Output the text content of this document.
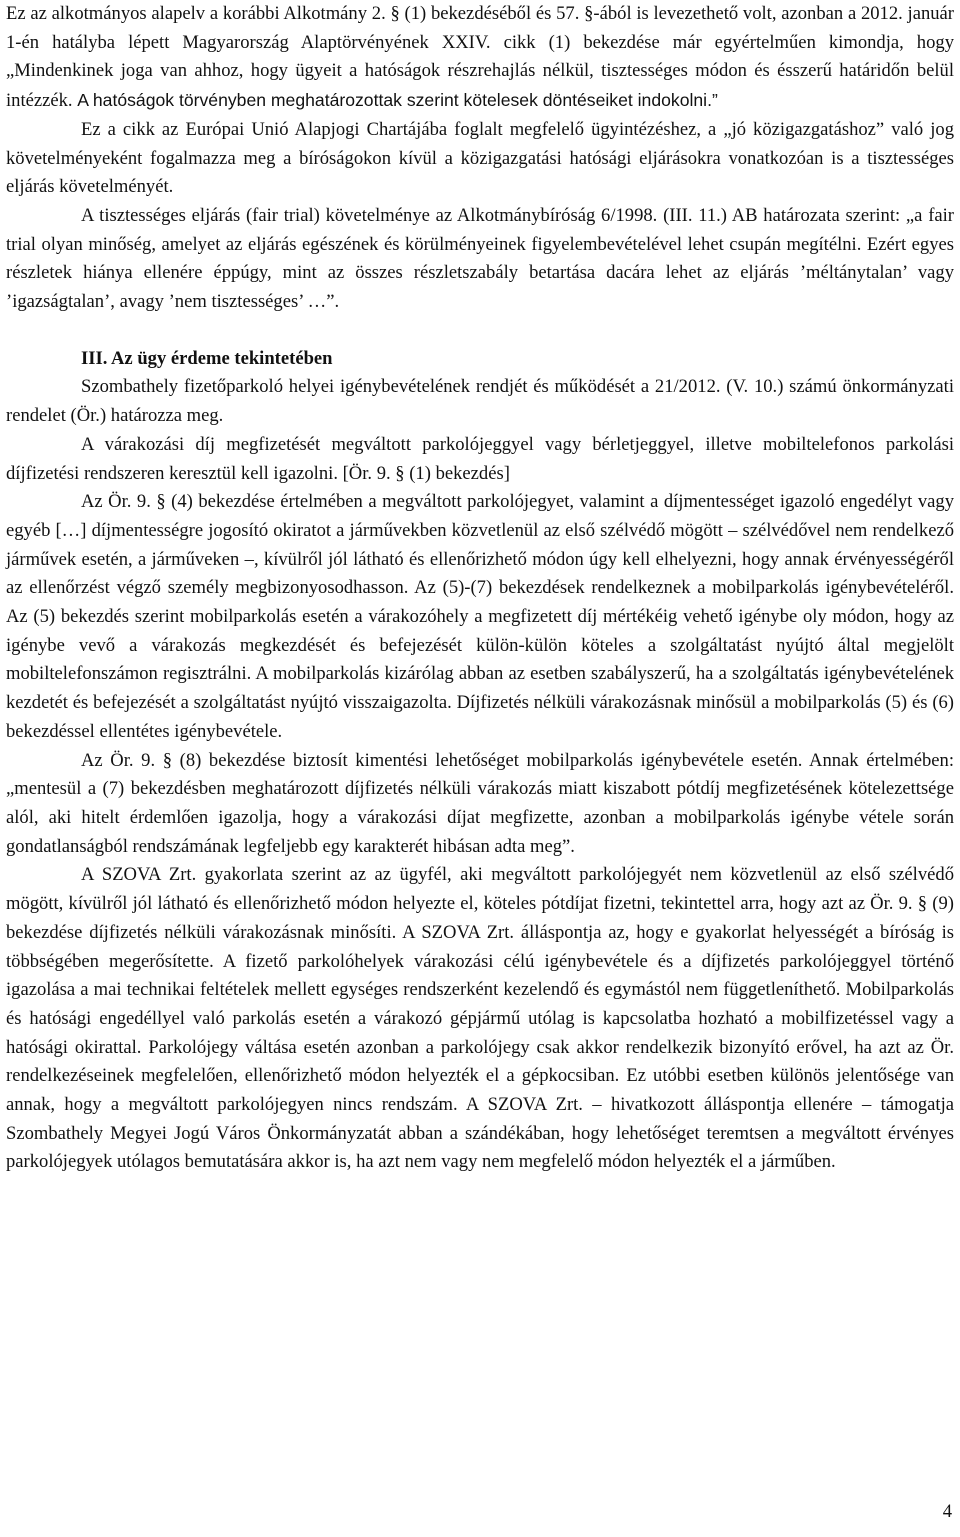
Ez az alkotmányos alapelv a korábbi Alkotmány 2. § (1) bekezdéséből és 57. §-ából is levezethető volt, azonban a 2012. január 1-én hatályba lépett Magyarország Alaptörvényének XXIV. cikk (1) bekezdése már egyértelműen kimondja, hogy „Mindenkinek joga van ahhoz, hogy ügyeit a hatóságok részrehajlás nélkül, tisztességes módon és ésszerű határidőn belül intézzék. A hatóságok törvényben meghatározottak szerint kötelesek döntéseiket indokolni.”

Ez a cikk az Európai Unió Alapjogi Chartájába foglalt megfelelő ügyintézéshez, a „jó közigazgatáshoz” való jog követelményeként fogalmazza meg a bíróságokon kívül a közigazgatási hatósági eljárásokra vonatkozóan is a tisztességes eljárás követelményét.

A tisztességes eljárás (fair trial) követelménye az Alkotmánybíróság 6/1998. (III. 11.) AB határozata szerint: „a fair trial olyan minőség, amelyet az eljárás egészének és körülményeinek figyelembevételével lehet csupán megítélni. Ezért egyes részletek hiánya ellenére éppúgy, mint az összes részletszabály betartása dacára lehet az eljárás ’méltánytalan’ vagy ’igazságtalan’, avagy ’nem tisztességes’ …”.

III. Az ügy érdeme tekintetében

Szombathely fizetőparkoló helyei igénybevételének rendjét és működését a 21/2012. (V. 10.) számú önkormányzati rendelet (Ör.) határozza meg.

A várakozási díj megfizetését megváltott parkolójeggyel vagy bérletjeggyel, illetve mobiltelefonos parkolási díjfizetési rendszeren keresztül kell igazolni. [Ör. 9. § (1) bekezdés]

Az Ör. 9. § (4) bekezdése értelmében a megváltott parkolójegyet, valamint a díjmentességet igazoló engedélyt vagy egyéb […] díjmentességre jogosító okiratot a járművekben közvetlenül az első szélvédő mögött – szélvédővel nem rendelkező járművek esetén, a járműveken –, kívülről jól látható és ellenőrizhető módon úgy kell elhelyezni, hogy annak érvényességéről az ellenőrzést végző személy megbizonyosodhasson. Az (5)-(7) bekezdések rendelkeznek a mobilparkolás igénybevételéről. Az (5) bekezdés szerint mobilparkolás esetén a várakozóhely a megfizetett díj mértékéig vehető igénybe oly módon, hogy az igénybe vevő a várakozás megkezdését és befejezését külön-külön köteles a szolgáltatást nyújtó által megjelölt mobiltelefonszámon regisztrálni. A mobilparkolás kizárólag abban az esetben szabályszerű, ha a szolgáltatás igénybevételének kezdetét és befejezését a szolgáltatást nyújtó visszaigazolta. Díjfizetés nélküli várakozásnak minősül a mobilparkolás (5) és (6) bekezdéssel ellentétes igénybevétele.

Az Ör. 9. § (8) bekezdése biztosít kimentési lehetőséget mobilparkolás igénybevétele esetén. Annak értelmében: „mentesül a (7) bekezdésben meghatározott díjfizetés nélküli várakozás miatt kiszabott pótdíj megfizetésének kötelezettsége alól, aki hitelt érdemlően igazolja, hogy a várakozási díjat megfizette, azonban a mobilparkolás igénybe vétele során gondatlanságból rendszámának legfeljebb egy karakterét hibásan adta meg”.

A SZOVA Zrt. gyakorlata szerint az az ügyfél, aki megváltott parkolójegyét nem közvetlenül az első szélvédő mögött, kívülről jól látható és ellenőrizhető módon helyezte el, köteles pótdíjat fizetni, tekintettel arra, hogy azt az Ör. 9. § (9) bekezdése díjfizetés nélküli várakozásnak minősíti. A SZOVA Zrt. álláspontja az, hogy e gyakorlat helyességét a bíróság is többségében megerősítette. A fizető parkolóhelyek várakozási célú igénybevétele és a díjfizetés parkolójeggyel történő igazolása a mai technikai feltételek mellett egységes rendszerként kezelendő és egymástól nem függetleníthető. Mobilparkolás és hatósági engedéllyel való parkolás esetén a várakozó gépjármű utólag is kapcsolatba hozható a mobilfizetéssel vagy a hatósági okirattal. Parkolójegy váltása esetén azonban a parkolójegy csak akkor rendelkezik bizonyító erővel, ha azt az Ör. rendelkezéseinek megfelelően, ellenőrizhető módon helyezték el a gépkocsiban. Ez utóbbi esetben különös jelentősége van annak, hogy a megváltott parkolójegyen nincs rendszám. A SZOVA Zrt. – hivatkozott álláspontja ellenére – támogatja Szombathely Megyei Jogú Város Önkormányzatát abban a szándékában, hogy lehetőséget teremtsen a megváltott érvényes parkolójegyek utólagos bemutatására akkor is, ha azt nem vagy nem megfelelő módon helyezték el a járműben.

4
